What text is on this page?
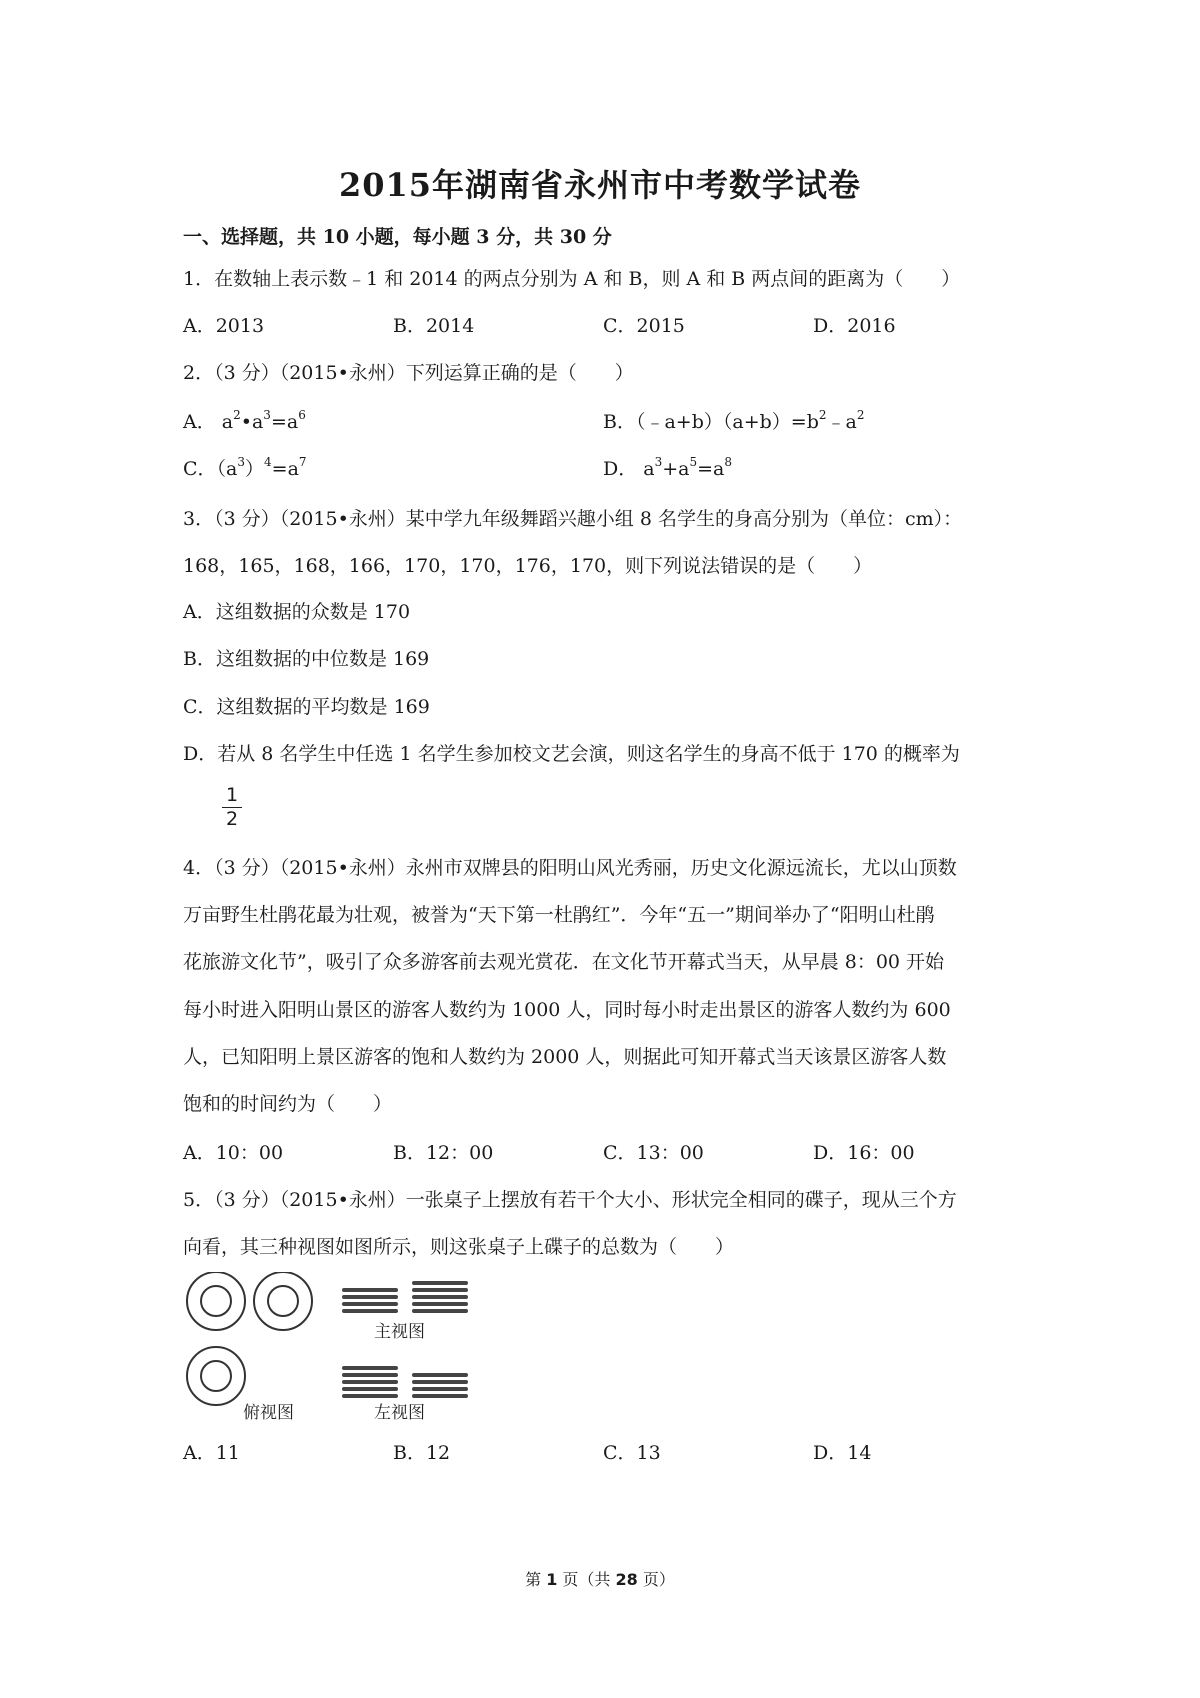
2015年湖南省永州市中考数学试卷
一、选择题，共 10 小题，每小题 3 分，共 30 分
1．在数轴上表示数﹣1 和 2014 的两点分别为 A 和 B，则 A 和 B 两点间的距离为（　　）
A．2013	B．2014	C．2015	D．2016
2．（3 分）（2015•永州）下列运算正确的是（　　）
A． $a^2•a^3=a^6$	B．$(﹣a+b)(a+b)=b^2﹣a^2$
C．$(a^3)^4=a^7$	D． $a^3+a^5=a^8$
3．（3 分）（2015•永州）某中学九年级舞蹈兴趣小组 8 名学生的身高分别为（单位：cm）：
168，165，168，166，170，170，176，170，则下列说法错误的是（　　）
A．这组数据的众数是 170
B．这组数据的中位数是 169
C．这组数据的平均数是 169
D．若从 8 名学生中任选 1 名学生参加校文艺会演，则这名学生的身高不低于 170 的概率为
$\frac{1}{2}$
4．（3 分）（2015•永州）永州市双牌县的阳明山风光秀丽，历史文化源远流长，尤以山顶数
万亩野生杜鹃花最为壮观，被誉为“天下第一杜鹃红”．今年“五一”期间举办了“阳明山杜鹃
花旅游文化节”，吸引了众多游客前去观光赏花．在文化节开幕式当天，从早晨 8：00 开始
每小时进入阳明山景区的游客人数约为 1000 人，同时每小时走出景区的游客人数约为 600
人，已知阳明上景区游客的饱和人数约为 2000 人，则据此可知开幕式当天该景区游客人数
饱和的时间约为（　　）
A．10：00	B．12：00	C．13：00	D．16：00
5．（3 分）（2015•永州）一张桌子上摆放有若干个大小、形状完全相同的碟子，现从三个方
向看，其三种视图如图所示，则这张桌子上碟子的总数为（　　）
主视图
俯视图	左视图
A．11	B．12	C．13	D．14
第 1 页（共 28 页）
